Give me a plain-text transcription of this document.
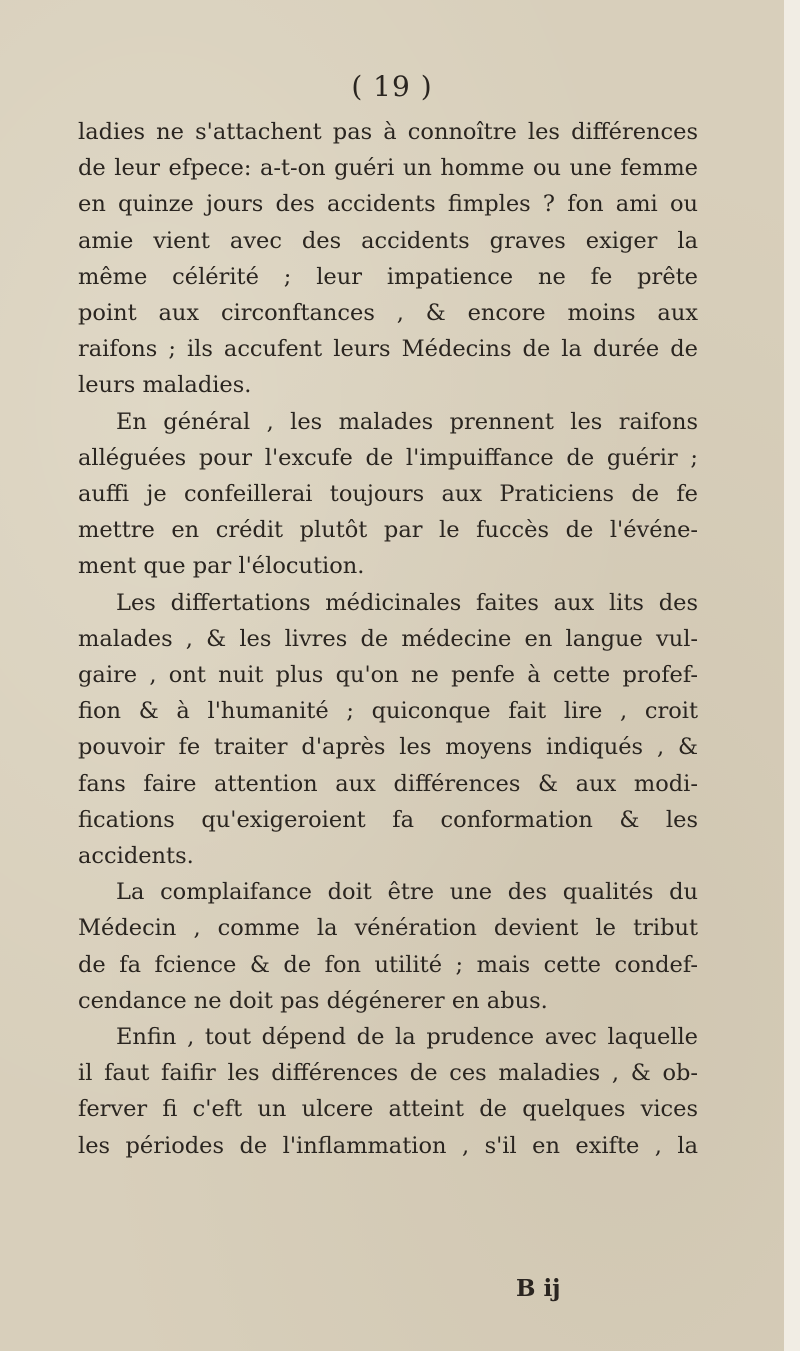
( 19 )
ladies ne s'attachent pas à connoître les différences
de leur efpece: a-t-on guéri un homme ou une femme
en quinze jours des accidents fimples ? fon ami ou
amie vient avec des accidents graves exiger la
même célérité ; leur impatience ne fe prête
point aux circonftances , & encore moins aux
raifons ; ils accufent leurs Médecins de la durée de
leurs maladies.
En général , les malades prennent les raifons
alléguées pour l'excufe de l'impuiffance de guérir ;
auffi je confeillerai toujours aux Praticiens de fe
mettre en crédit plutôt par le fuccès de l'événe-
ment que par l'élocution.
Les differtations médicinales faites aux lits des
malades , & les livres de médecine en langue vul-
gaire , ont nuit plus qu'on ne penfe à cette profef-
fion & à l'humanité ; quiconque fait lire , croit
pouvoir fe traiter d'après les moyens indiqués , &
fans faire attention aux différences & aux modi-
fications qu'exigeroient fa conformation & les
accidents.
La complaifance doit être une des qualités du
Médecin , comme la vénération devient le tribut
de fa fcience & de fon utilité ; mais cette condef-
cendance ne doit pas dégénerer en abus.
Enfin , tout dépend de la prudence avec laquelle
il faut faifir les différences de ces maladies , & ob-
ferver fi c'eft un ulcere atteint de quelques vices
les périodes de l'inflammation , s'il en exifte , la
B ij
